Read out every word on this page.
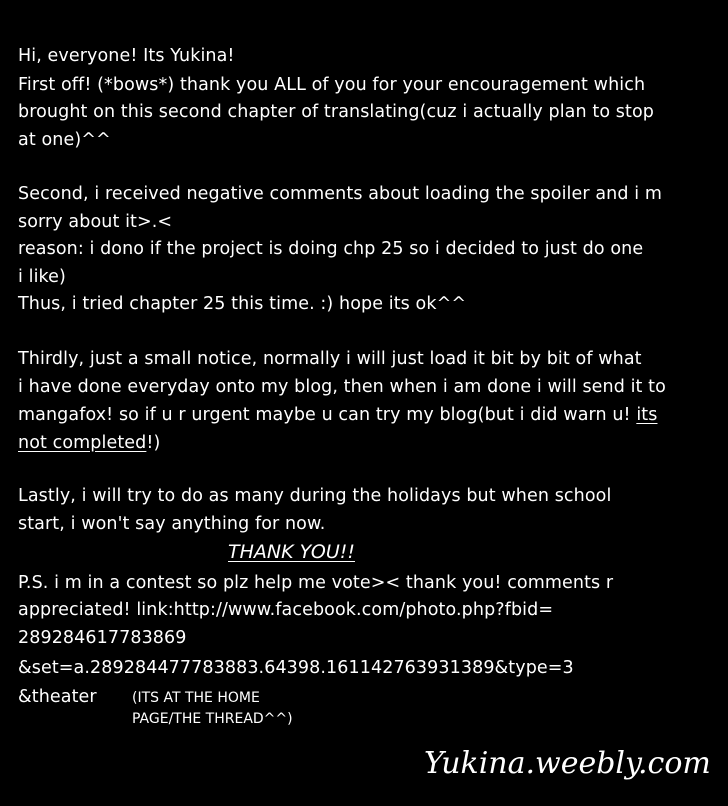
Hi, everyone! Its Yukina!
First off! (*bows*) thank you ALL of you for your encouragement which
brought on this second chapter of translating(cuz i actually plan to stop
at one)^^
Second, i received negative comments about loading the spoiler and i m
sorry about it>.<
reason: i dono if the project is doing chp 25 so i decided to just do one
i like)
Thus, i tried chapter 25 this time. :) hope its ok^^
Thirdly, just a small notice, normally i will just load it bit by bit of what
i have done everyday onto my blog, then when i am done i will send it to
mangafox! so if u r urgent maybe u can try my blog(but i did warn u! its
not completed!)
Lastly, i will try to do as many during the holidays but when school
start, i won't say anything for now.
THANK YOU!!
P.S. i m in a contest so plz help me vote>< thank you! comments r
appreciated! link:http://www.facebook.com/photo.php?fbid=
289284617783869
&set=a.289284477783883.64398.161142763931389&type=3
&theater	(ITS AT THE HOME
PAGE/THE THREAD^^)
Yukina.weebly.com
